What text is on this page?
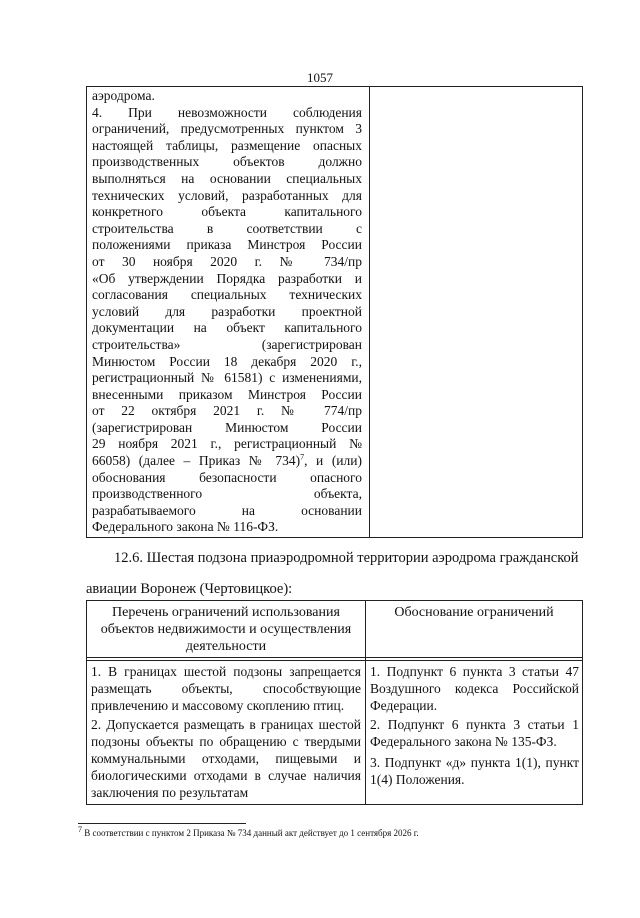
1057
аэродрома.
4. При невозможности соблюдения
ограничений, предусмотренных пунктом 3
настоящей таблицы, размещение опасных
производственных объектов должно
выполняться на основании специальных
технических условий, разработанных для
конкретного объекта капитального
строительства в соответствии с
положениями приказа Минстроя России
от 30 ноября 2020 г. № 734/пр
«Об утверждении Порядка разработки и
согласования специальных технических
условий для разработки проектной
документации на объект капитального
строительства» (зарегистрирован
Минюстом России 18 декабря 2020 г.,
регистрационный № 61581) с изменениями,
внесенными приказом Минстроя России
от 22 октября 2021 г. № 774/пр
(зарегистрирован Минюстом России
29 ноября 2021 г., регистрационный №
66058) (далее – Приказ № 734)$^7$, и (или)
обоснования безопасности опасного
производственного объекта,
разрабатываемого на основании
Федерального закона № 116-ФЗ.
12.6. Шестая подзона приаэродромной территории аэродрома гражданской
авиации Воронеж (Чертовицкое):
Перечень ограничений использования объектов недвижимости и осуществления деятельности
Обоснование ограничений
1. В границах шестой подзоны запрещается размещать объекты, способствующие привлечению и массовому скоплению птиц.
1. Подпункт 6 пункта 3 статьи 47 Воздушного кодекса Российской Федерации.
2. Допускается размещать в границах шестой подзоны объекты по обращению с твердыми коммунальными отходами, пищевыми и биологическими отходами в случае наличия заключения по результатам
2. Подпункт 6 пункта 3 статьи 1 Федерального закона № 135-ФЗ.
3. Подпункт «д» пункта 1(1), пункт 1(4) Положения.
$^7$ В соответствии с пунктом 2 Приказа № 734 данный акт действует до 1 сентября 2026 г.
